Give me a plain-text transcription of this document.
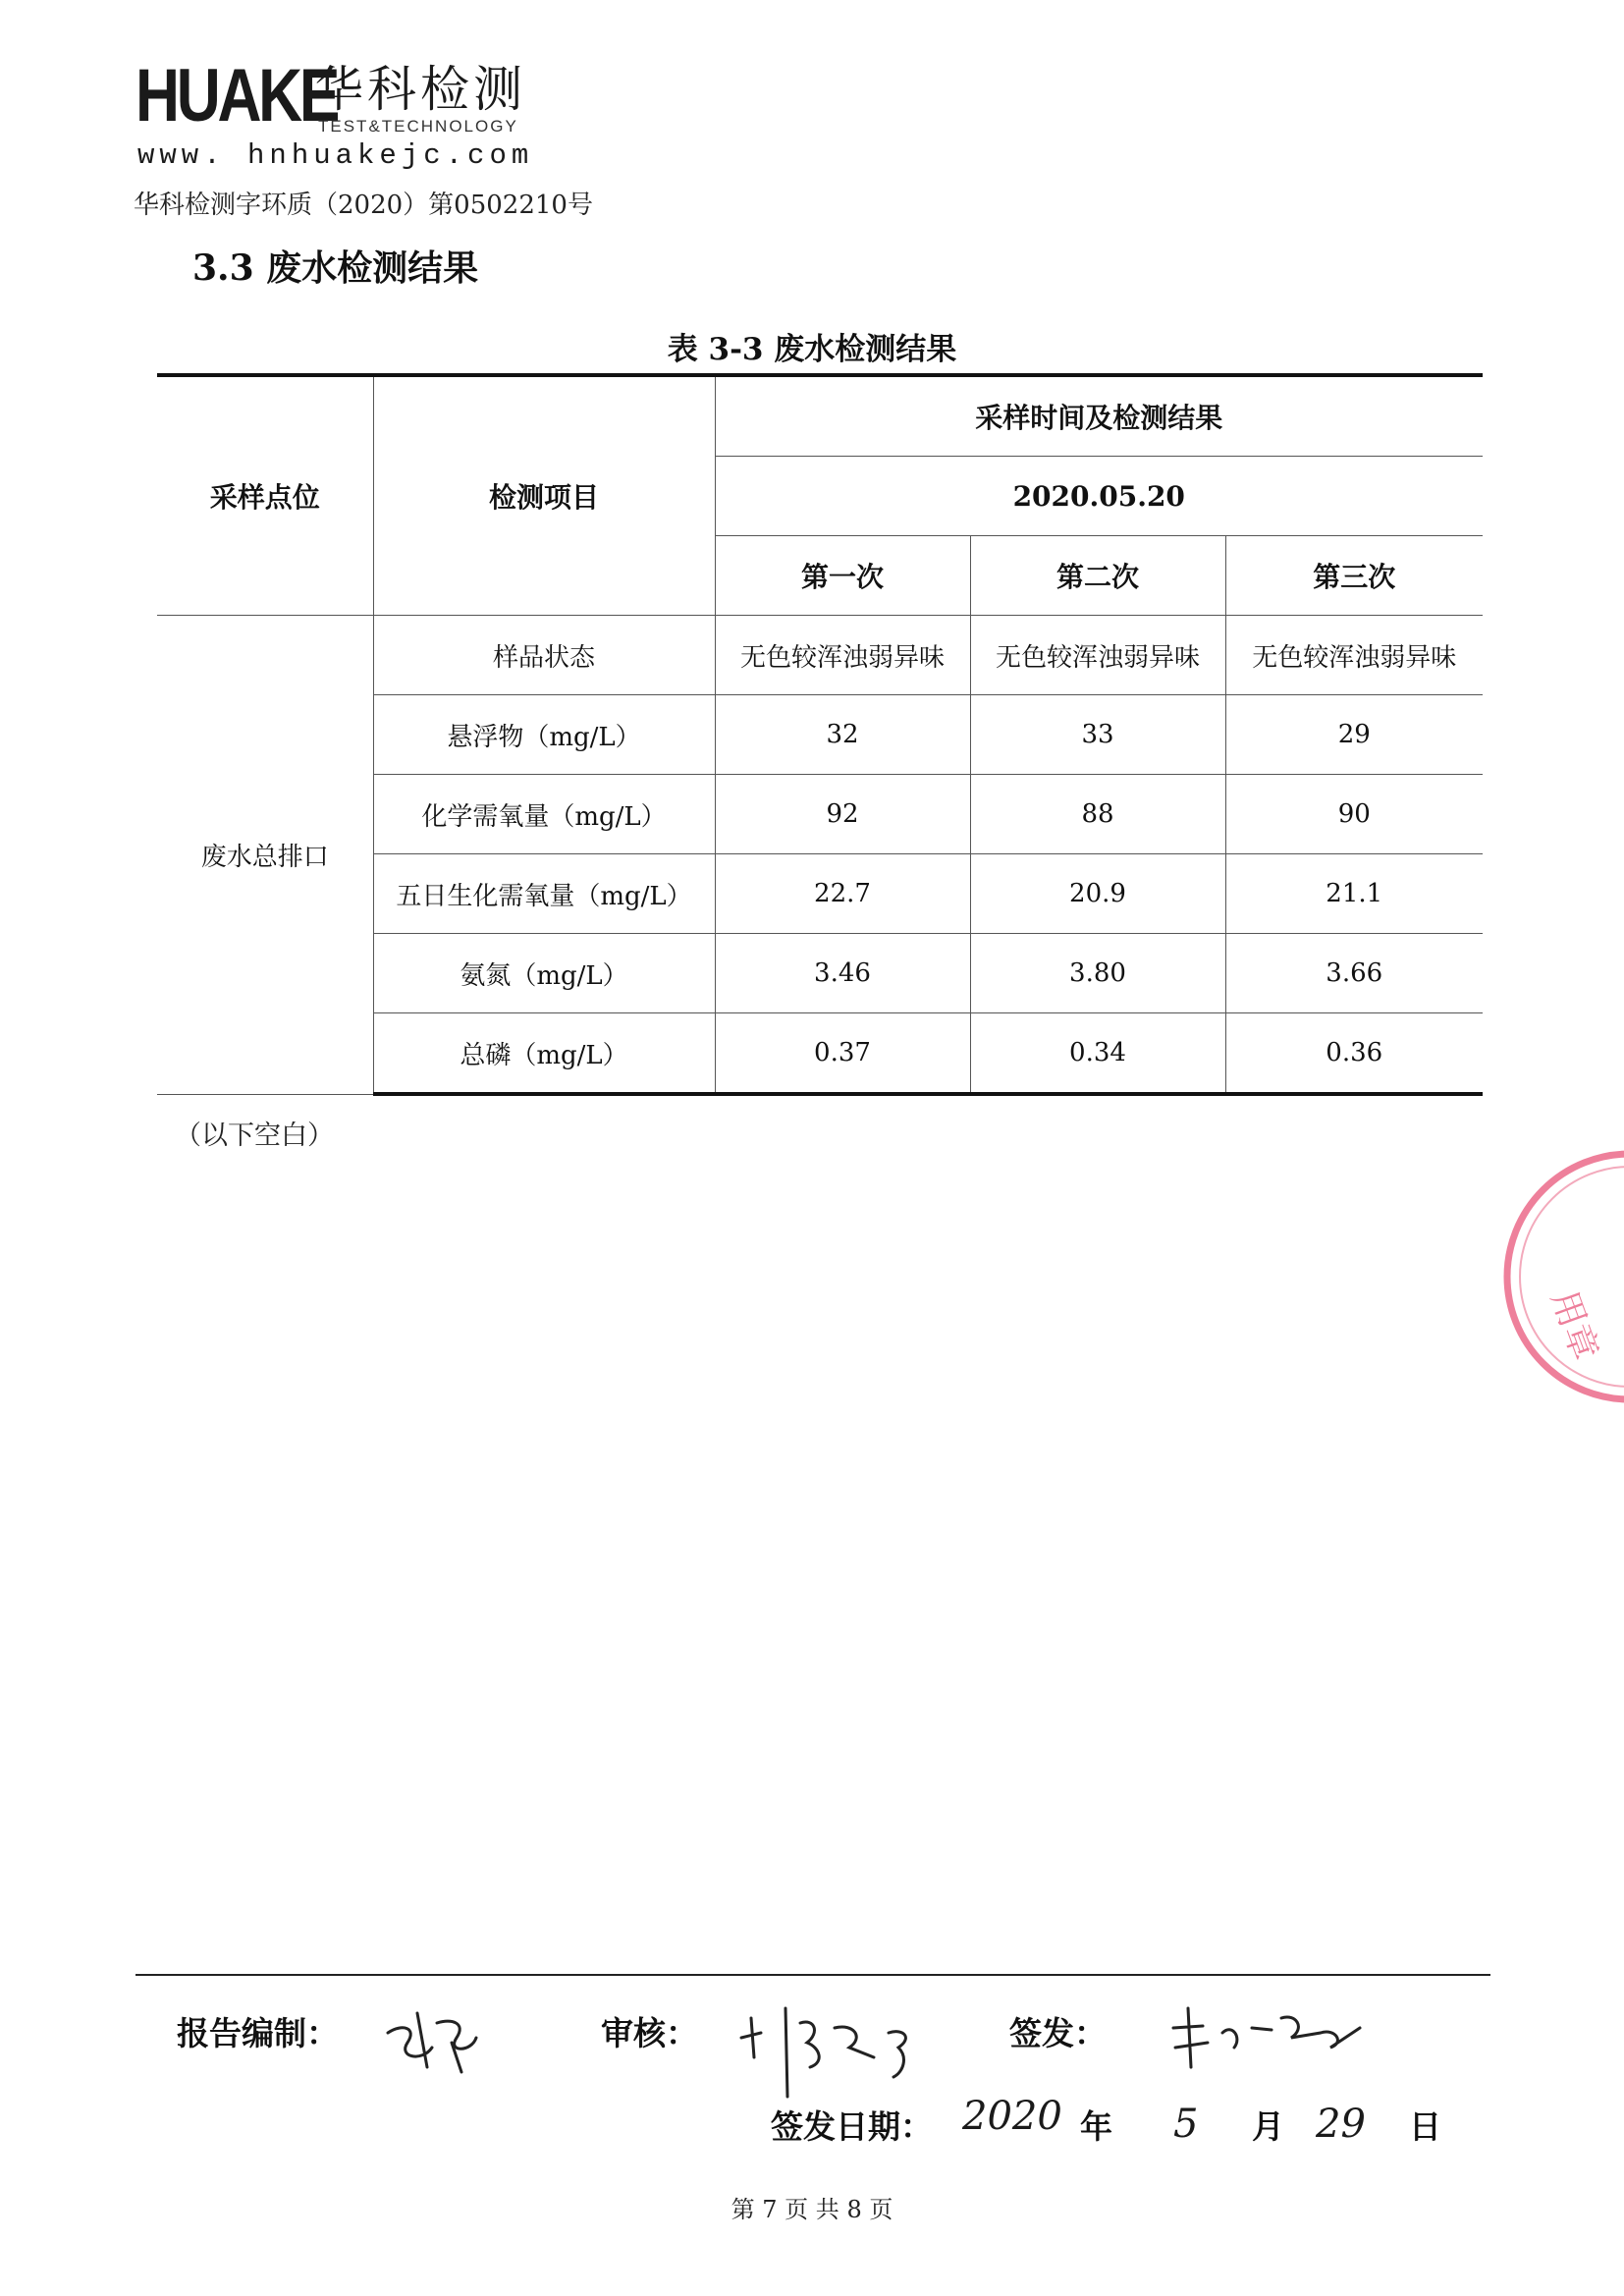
HUAKE
华科检测
TEST&TECHNOLOGY
www. hnhuakejc.com
华科检测字环质（2020）第0502210号
3.3 废水检测结果
表 3-3 废水检测结果
采样点位	检测项目	采样时间及检测结果		
		2020.05.20		
		第一次	第二次	第三次
废水总排口	样品状态	无色较浑浊弱异味	无色较浑浊弱异味	无色较浑浊弱异味
	悬浮物（mg/L）	32	33	29
	化学需氧量（mg/L）	92	88	90
	五日生化需氧量（mg/L）	22.7	20.9	21.1
	氨氮（mg/L）	3.46	3.80	3.66
	总磷（mg/L）	0.37	0.34	0.36
（以下空白）
用章
报告编制：	审核：	签发：
签发日期： 2020 年 5 月 29 日
第 7 页 共 8 页
